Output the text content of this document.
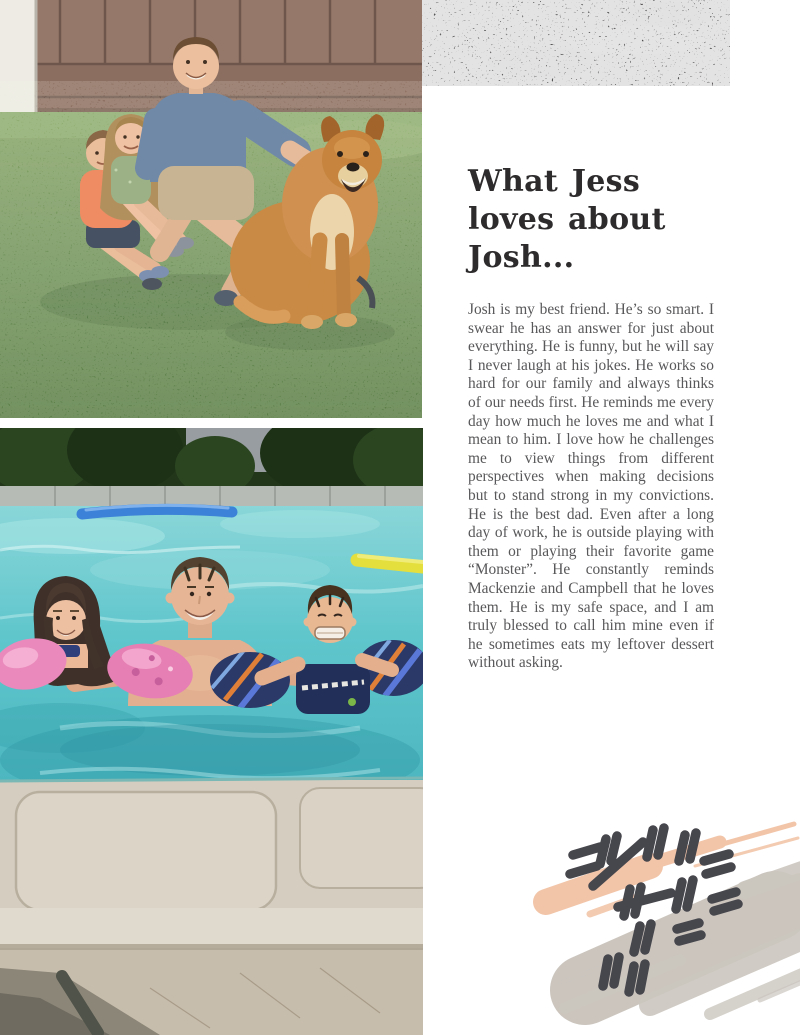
What Jess
loves about Josh...

Josh is my best friend. He’s so smart. I swear he has an answer for just about everything. He is funny, but he will say I never laugh at his jokes. He works so hard for our family and always thinks of our needs first. He reminds me every day how much he loves me and what I mean to him. I love how he challenges me to view things from different perspectives when making decisions but to stand strong in my convictions. He is the best dad. Even after a long day of work, he is outside playing with them or playing their favorite game “Monster”. He constantly reminds Mackenzie and Campbell that he loves them. He is my safe space, and I am truly blessed to call him mine even if he sometimes eats my leftover dessert without asking.
